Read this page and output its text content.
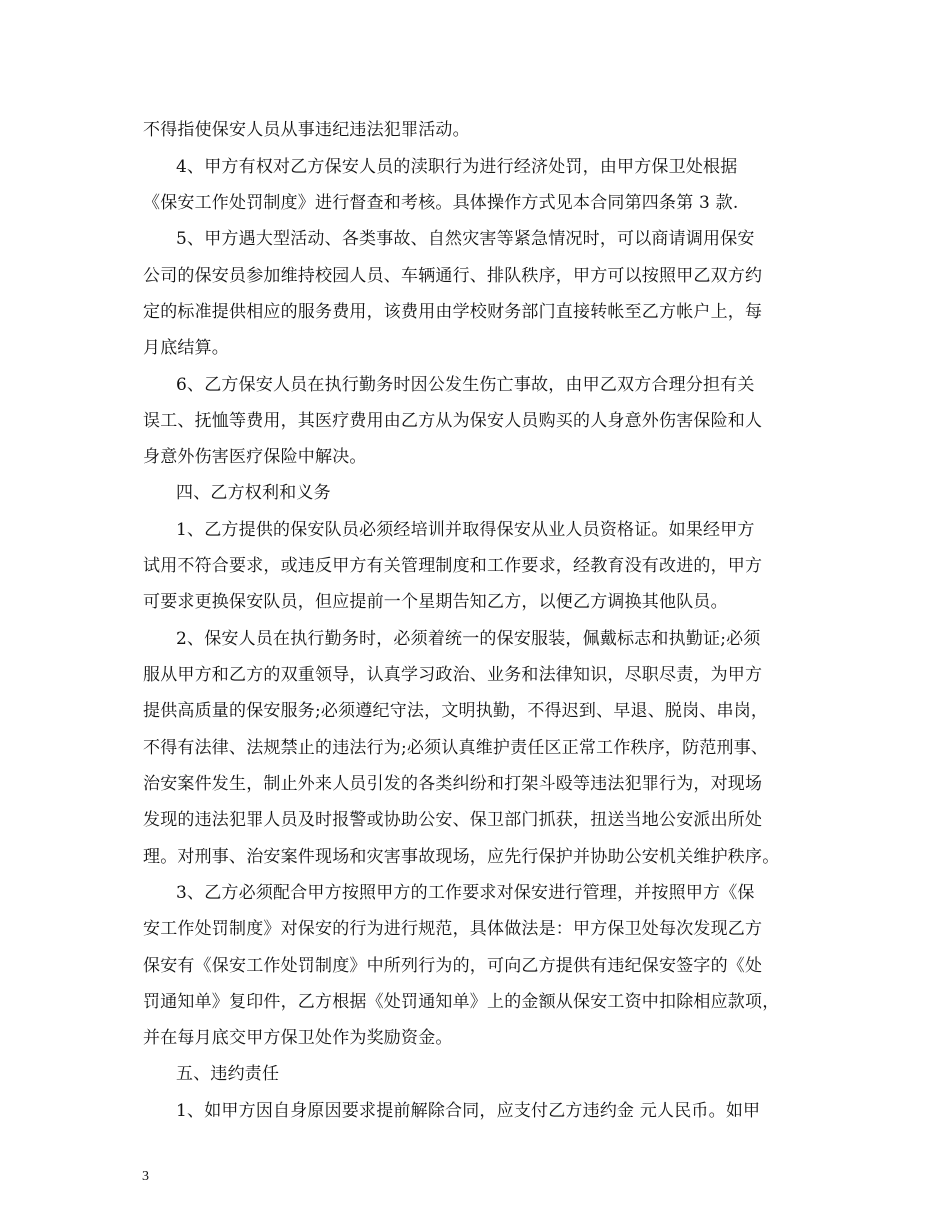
不得指使保安人员从事违纪违法犯罪活动。
4、甲方有权对乙方保安人员的渎职行为进行经济处罚，由甲方保卫处根据
《保安工作处罚制度》进行督查和考核。具体操作方式见本合同第四条第 3 款.
5、甲方遇大型活动、各类事故、自然灾害等紧急情况时，可以商请调用保安
公司的保安员参加维持校园人员、车辆通行、排队秩序，甲方可以按照甲乙双方约
定的标准提供相应的服务费用，该费用由学校财务部门直接转帐至乙方帐户上，每
月底结算。
6、乙方保安人员在执行勤务时因公发生伤亡事故，由甲乙双方合理分担有关
误工、抚恤等费用，其医疗费用由乙方从为保安人员购买的人身意外伤害保险和人
身意外伤害医疗保险中解决。
四、乙方权利和义务
1、乙方提供的保安队员必须经培训并取得保安从业人员资格证。如果经甲方
试用不符合要求，或违反甲方有关管理制度和工作要求，经教育没有改进的，甲方
可要求更换保安队员，但应提前一个星期告知乙方，以便乙方调换其他队员。
2、保安人员在执行勤务时，必须着统一的保安服装，佩戴标志和执勤证;必须
服从甲方和乙方的双重领导，认真学习政治、业务和法律知识，尽职尽责，为甲方
提供高质量的保安服务;必须遵纪守法，文明执勤，不得迟到、早退、脱岗、串岗，
不得有法律、法规禁止的违法行为;必须认真维护责任区正常工作秩序，防范刑事、
治安案件发生，制止外来人员引发的各类纠纷和打架斗殴等违法犯罪行为，对现场
发现的违法犯罪人员及时报警或协助公安、保卫部门抓获，扭送当地公安派出所处
理。对刑事、治安案件现场和灾害事故现场，应先行保护并协助公安机关维护秩序。
3、乙方必须配合甲方按照甲方的工作要求对保安进行管理，并按照甲方《保
安工作处罚制度》对保安的行为进行规范，具体做法是：甲方保卫处每次发现乙方
保安有《保安工作处罚制度》中所列行为的，可向乙方提供有违纪保安签字的《处
罚通知单》复印件，乙方根据《处罚通知单》上的金额从保安工资中扣除相应款项，
并在每月底交甲方保卫处作为奖励资金。
五、违约责任
1、如甲方因自身原因要求提前解除合同，应支付乙方违约金 元人民币。如甲
3
